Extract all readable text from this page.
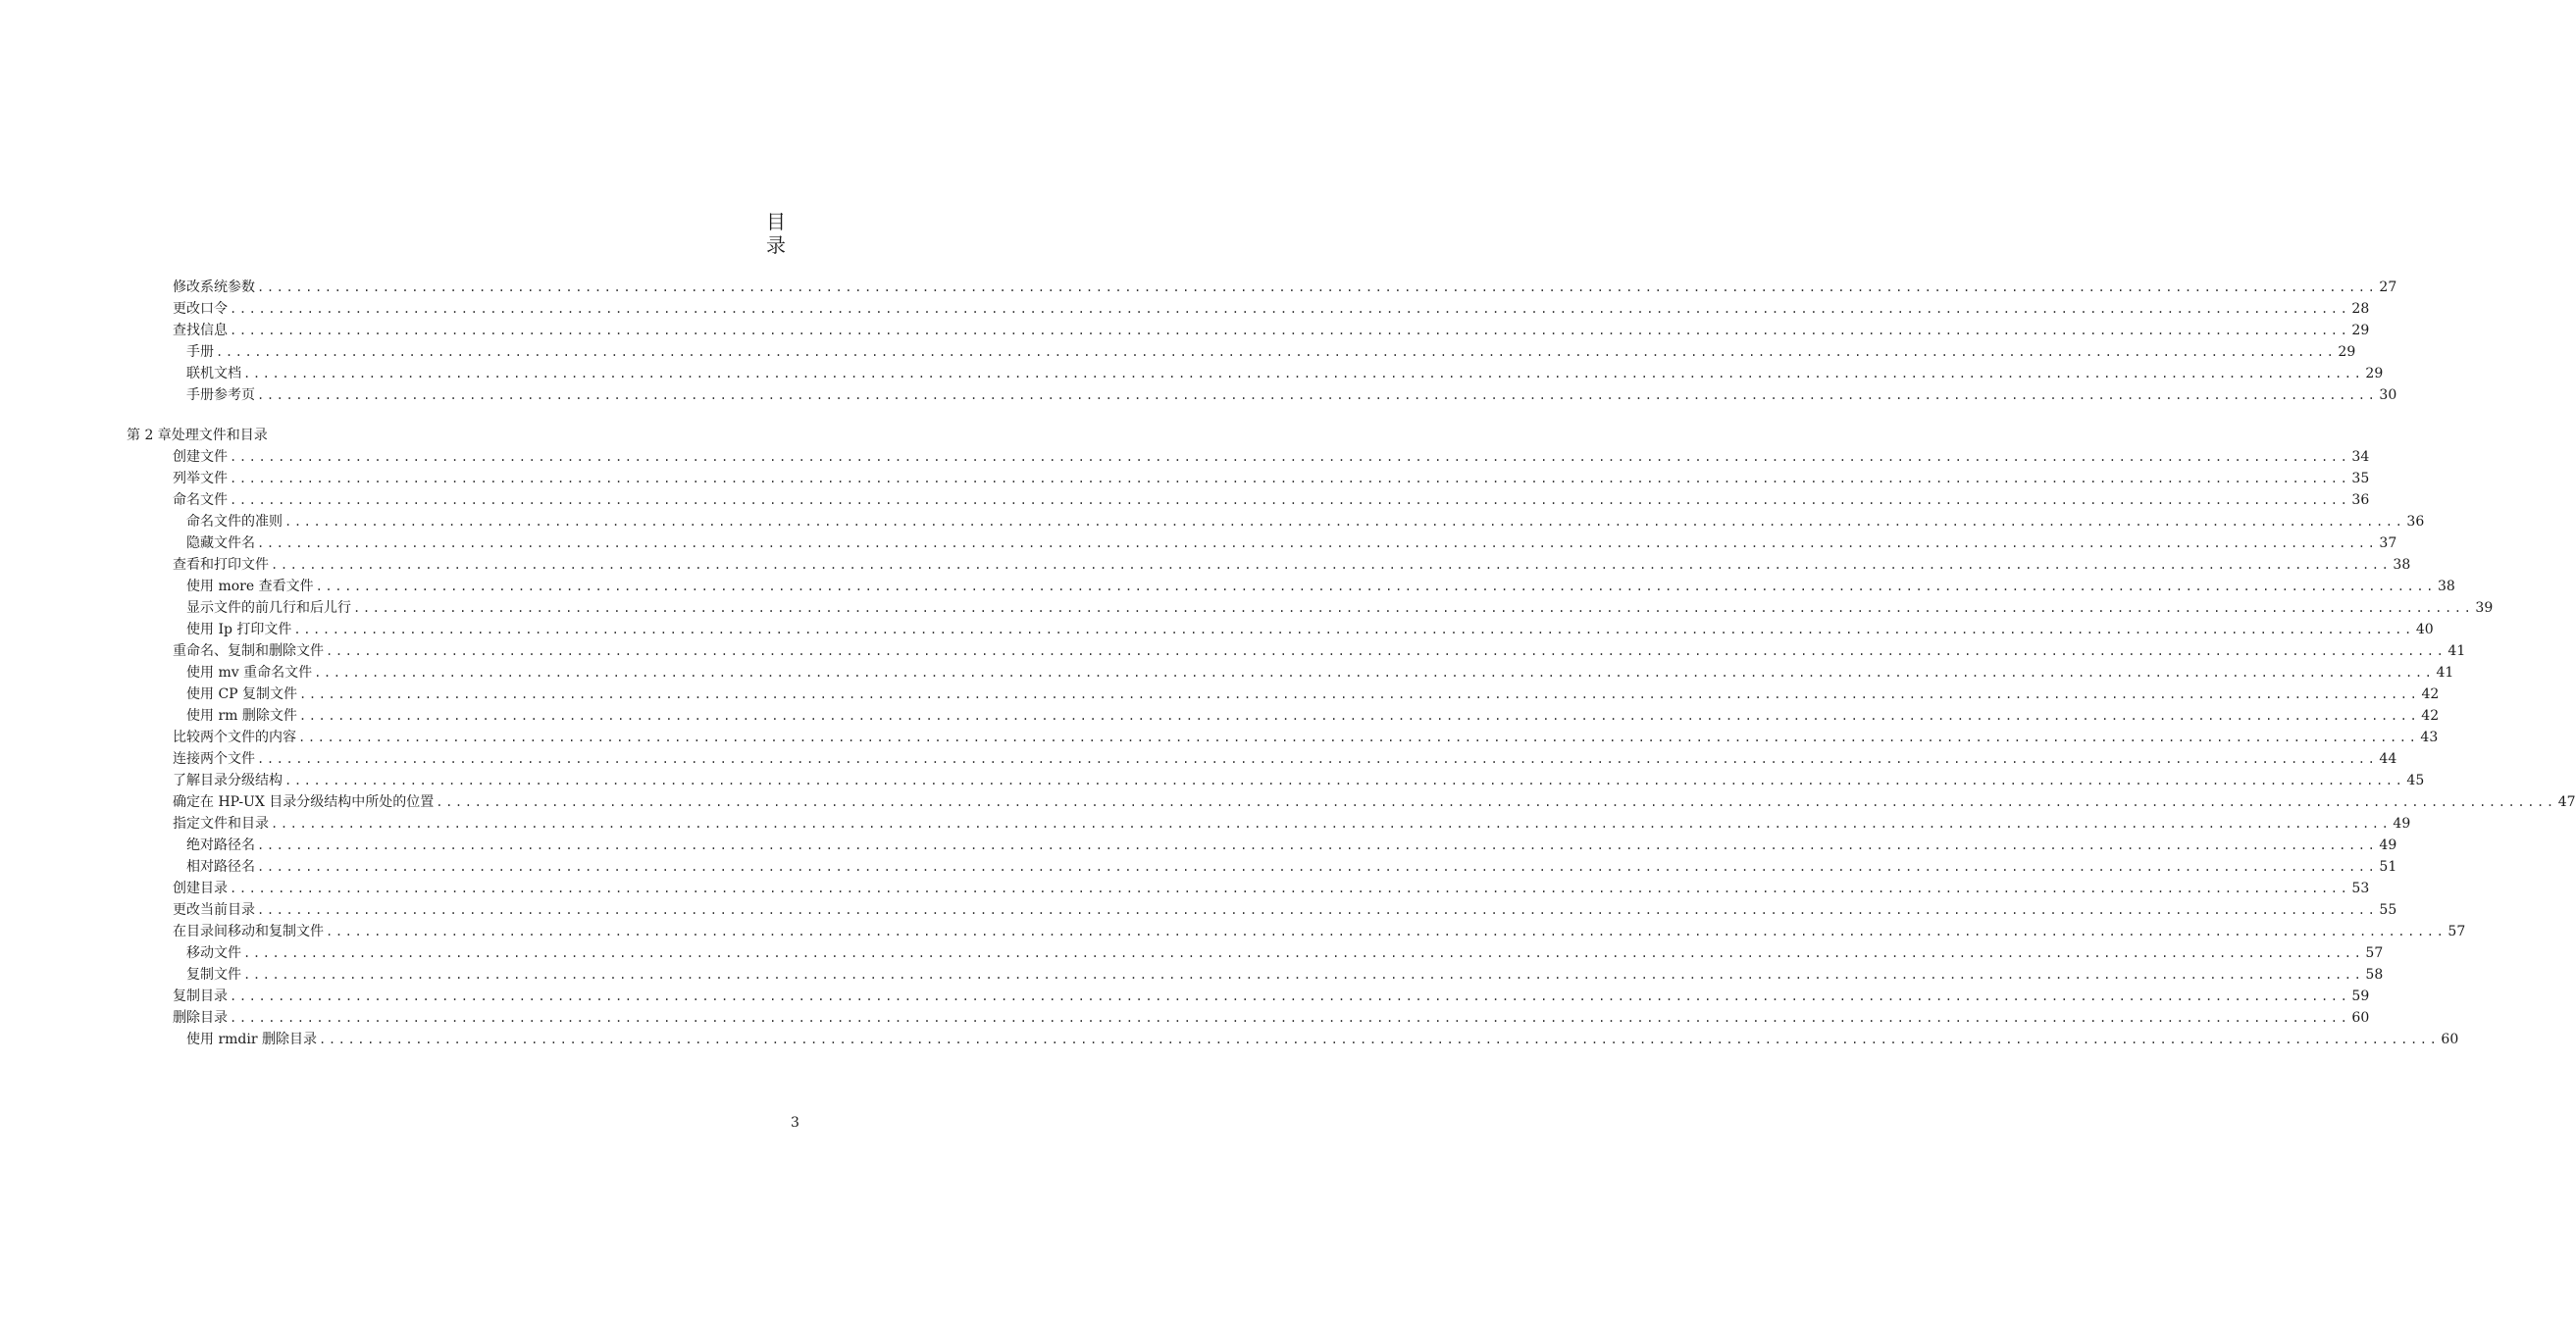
目 录
第 2 章处理文件和目录
修改系统参数 ............................................................................................................................................................................................................................ 27
更改口令 ............................................................................................................................................................................................................................ 28
查找信息 ............................................................................................................................................................................................................................ 29
手册 ............................................................................................................................................................................................................................ 29
联机文档 ............................................................................................................................................................................................................................ 29
手册参考页 ............................................................................................................................................................................................................................ 30
创建文件 ............................................................................................................................................................................................................................ 34
列举文件 ............................................................................................................................................................................................................................ 35
命名文件 ............................................................................................................................................................................................................................ 36
命名文件的准则 ............................................................................................................................................................................................................................ 36
隐藏文件名 ............................................................................................................................................................................................................................ 37
查看和打印文件 ............................................................................................................................................................................................................................ 38
使用 more 查看文件 ............................................................................................................................................................................................................................ 38
显示文件的前几行和后儿行 ............................................................................................................................................................................................................................ 39
使用 Ip 打印文件 ............................................................................................................................................................................................................................ 40
重命名、复制和删除文件 ............................................................................................................................................................................................................................ 41
使用 mv 重命名文件 ............................................................................................................................................................................................................................ 41
使用 CP 复制文件 ............................................................................................................................................................................................................................ 42
使用 rm 删除文件 ............................................................................................................................................................................................................................ 42
比较两个文件的内容 ............................................................................................................................................................................................................................ 43
连接两个文件 ............................................................................................................................................................................................................................ 44
了解目录分级结构 ............................................................................................................................................................................................................................ 45
确定在 HP-UX 目录分级结构中所处的位置 ............................................................................................................................................................................................................................ 47
指定文件和目录 ............................................................................................................................................................................................................................ 49
绝对路径名 ............................................................................................................................................................................................................................ 49
相对路径名 ............................................................................................................................................................................................................................ 51
创建目录 ............................................................................................................................................................................................................................ 53
更改当前目录 ............................................................................................................................................................................................................................ 55
在目录间移动和复制文件 ............................................................................................................................................................................................................................ 57
移动文件 ............................................................................................................................................................................................................................ 57
复制文件 ............................................................................................................................................................................................................................ 58
复制目录 ............................................................................................................................................................................................................................ 59
删除目录 ............................................................................................................................................................................................................................ 60
使用 rmdir 删除目录 ............................................................................................................................................................................................................................ 60
3
